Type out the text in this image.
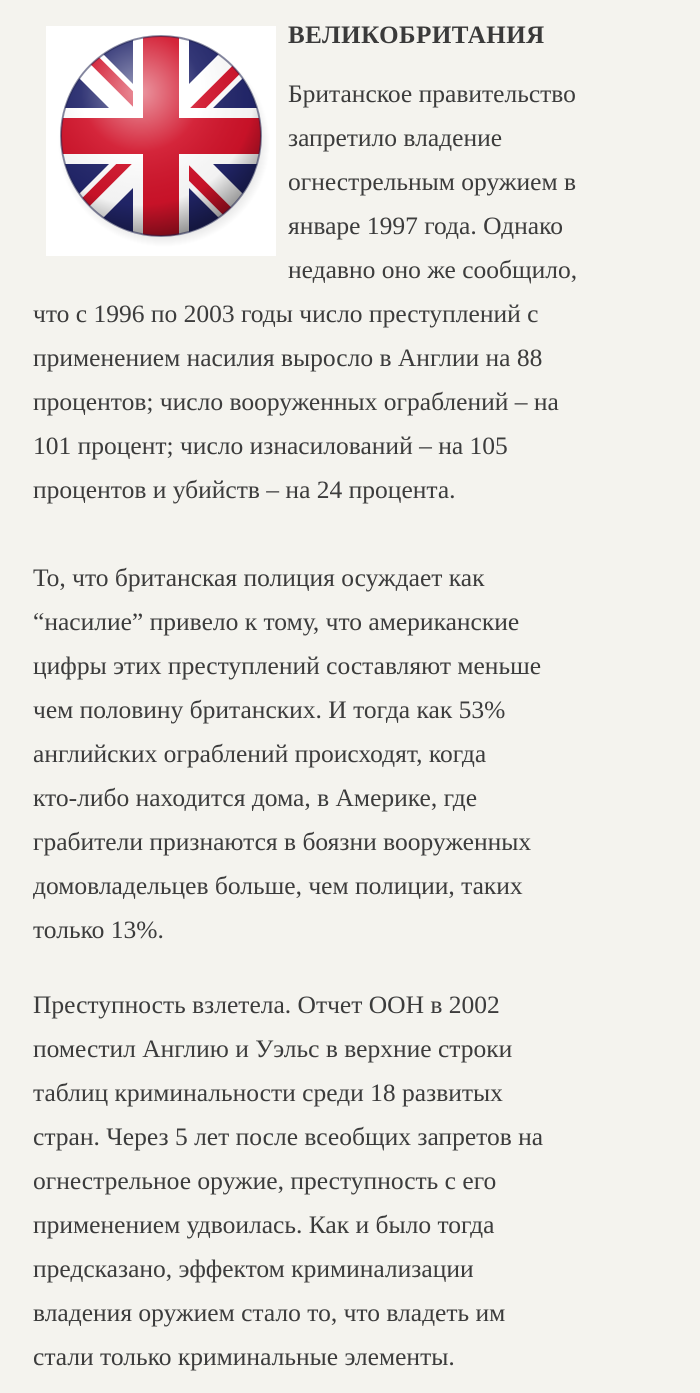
ВЕЛИКОБРИТАНИЯ

Британское правительство
запретило владение
огнестрельным оружием в
январе 1997 года. Однако
недавно оно же сообщило,
что с 1996 по 2003 годы число преступлений с
применением насилия выросло в Англии на 88
процентов; число вооруженных ограблений – на
101 процент; число изнасилований – на 105
процентов и убийств – на 24 процента.

То, что британская полиция осуждает как
“насилие” привело к тому, что американские
цифры этих преступлений составляют меньше
чем половину британских. И тогда как 53%
английских ограблений происходят, когда
кто-либо находится дома, в Америке, где
грабители признаются в боязни вооруженных
домовладельцев больше, чем полиции, таких
только 13%.

Преступность взлетела. Отчет ООН в 2002
поместил Англию и Уэльс в верхние строки
таблиц криминальности среди 18 развитых
стран. Через 5 лет после всеобщих запретов на
огнестрельное оружие, преступность с его
применением удвоилась. Как и было тогда
предсказано, эффектом криминализации
владения оружием стало то, что владеть им
стали только криминальные элементы.
